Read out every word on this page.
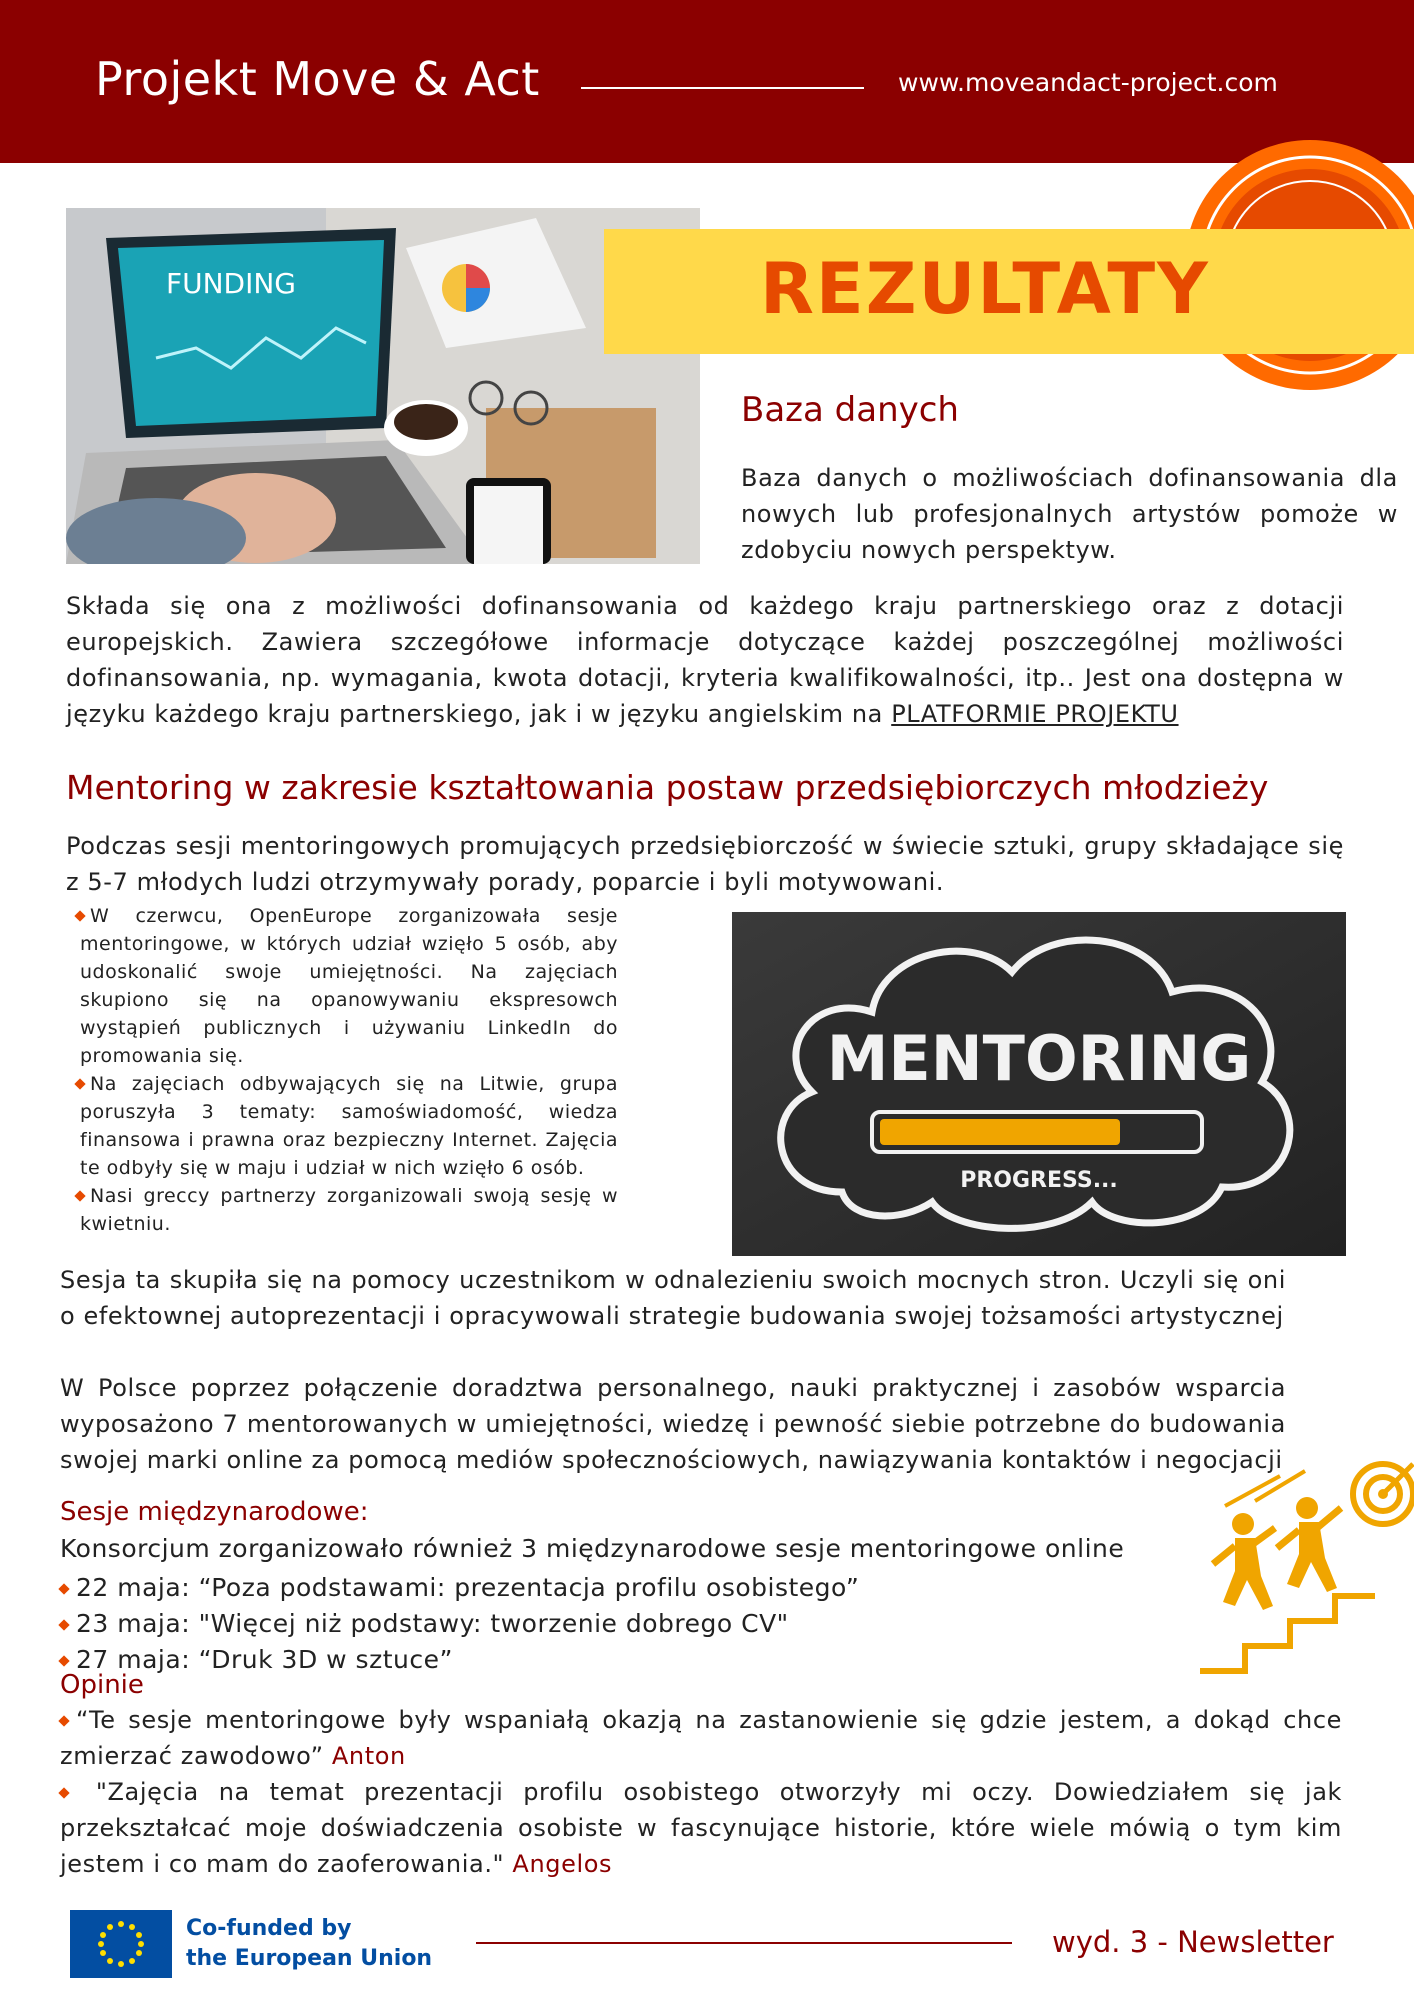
Projekt Move & Act	www.moveandact-project.com
FUNDING	REZULTATY
Baza danych
Baza danych o możliwościach dofinansowania dla nowych lub profesjonalnych artystów pomoże w zdobyciu nowych perspektyw.
Składa się ona z możliwości dofinansowania od każdego kraju partnerskiego oraz z dotacji europejskich. Zawiera szczegółowe informacje dotyczące każdej poszczególnej możliwości dofinansowania, np. wymagania, kwota dotacji, kryteria kwalifikowalności, itp.. Jest ona dostępna w języku każdego kraju partnerskiego, jak i w języku angielskim na PLATFORMIE PROJEKTU
Mentoring w zakresie kształtowania postaw przedsiębiorczych młodzieży
Podczas sesji mentoringowych promujących przedsiębiorczość w świecie sztuki, grupy składające się z 5-7 młodych ludzi otrzymywały porady, poparcie i byli motywowani.

W czerwcu, OpenEurope zorganizowała sesje mentoringowe, w których udział wzięło 5 osób, aby udoskonalić swoje umiejętności. Na zajęciach skupiono się na opanowywaniu ekspresowch wystąpień publicznych i używaniu LinkedIn do promowania się.

Na zajęciach odbywających się na Litwie, grupa poruszyła 3 tematy: samoświadomość, wiedza finansowa i prawna oraz bezpieczny Internet. Zajęcia te odbyły się w maju i udział w nich wzięło 6 osób.

Nasi greccy partnerzy zorganizowali swoją sesję w kwietniu.

MENTORING
PROGRESS...
Sesja ta skupiła się na pomocy uczestnikom w odnalezieniu swoich mocnych stron. Uczyli się oni o efektownej autoprezentacji i opracywowali strategie budowania swojej tożsamości artystycznej
W Polsce poprzez połączenie doradztwa personalnego, nauki praktycznej i zasobów wsparcia wyposażono 7 mentorowanych w umiejętności, wiedzę i pewność siebie potrzebne do budowania swojej marki online za pomocą mediów społecznościowych, nawiązywania kontaktów i negocjacji
Sesje międzynarodowe:
Konsorcjum zorganizowało również 3 międzynarodowe sesje mentoringowe online
22 maja: “Poza podstawami: prezentacja profilu osobistego”
23 maja: "Więcej niż podstawy: tworzenie dobrego CV"
27 maja: “Druk 3D w sztuce”
Opinie

“Te sesje mentoringowe były wspaniałą okazją na zastanowienie się gdzie jestem, a dokąd chce zmierzać zawodowo” Anton

"Zajęcia na temat prezentacji profilu osobistego otworzyły mi oczy. Dowiedziałem się jak przekształcać moje doświadczenia osobiste w fascynujące historie, które wiele mówią o tym kim jestem i co mam do zaoferowania." Angelos

Co-funded by
the European Union	wyd. 3 - Newsletter
